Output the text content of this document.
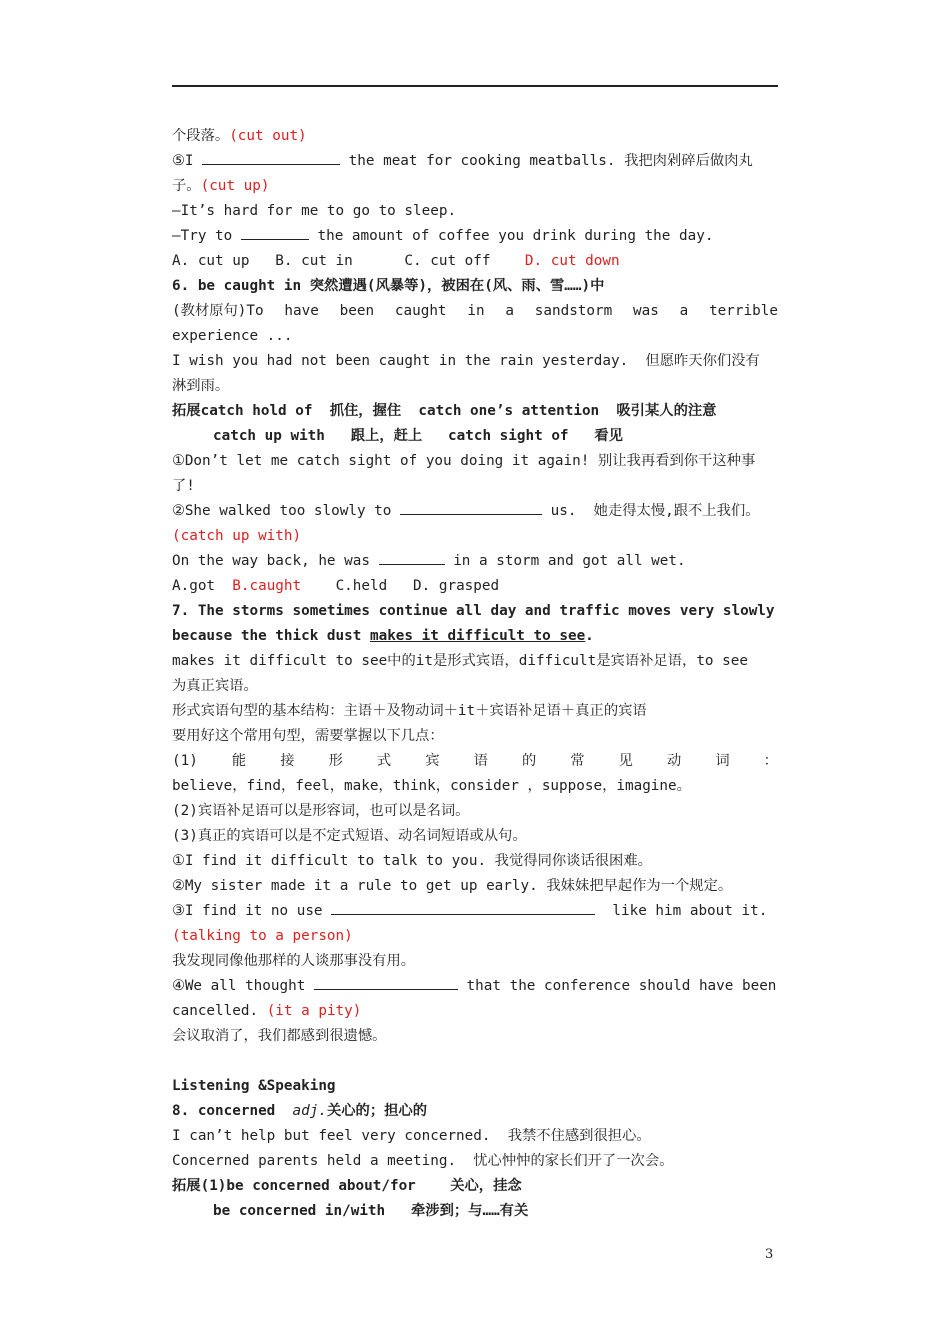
个段落。(cut out)
⑤I	the meat for cooking meatballs. 我把肉剁碎后做肉丸
子。(cut up)
—It’s hard for me to go to sleep.
—Try to	the amount of coffee you drink during the day.
A. cut up   B. cut in      C. cut off    D. cut down
6. be caught in 突然遭遇(风暴等)，被困在(风、雨、雪……)中
(教材原句)To have been caught in a sandstorm was a terrible
experience ...
I wish you had not been caught in the rain yesterday.  但愿昨天你们没有
淋到雨。
拓展catch hold of  抓住，握住  catch one’s attention  吸引某人的注意
catch up with   跟上，赶上   catch sight of   看见
①Don’t let me catch sight of you doing it again! 别让我再看到你干这种事
了!
②She walked too slowly to	us.  她走得太慢,跟不上我们。
(catch up with)
On the way back, he was	in a storm and got all wet.
A.got  B.caught    C.held   D. grasped
7. The storms sometimes continue all day and traffic moves very slowly
because the thick dust makes it difficult to see.
makes it difficult to see中的it是形式宾语，difficult是宾语补足语，to see
为真正宾语。
形式宾语句型的基本结构：主语＋及物动词＋it＋宾语补足语＋真正的宾语
要用好这个常用句型，需要掌握以下几点：
(1) 能 接 形 式 宾 语 的 常 见 动 词 ：
believe，find，feel，make，think，consider ，suppose，imagine。
(2)宾语补足语可以是形容词，也可以是名词。
(3)真正的宾语可以是不定式短语、动名词短语或从句。
①I find it difficult to talk to you. 我觉得同你谈话很困难。
②My sister made it a rule to get up early. 我妹妹把早起作为一个规定。
③I find it no use	like him about it.
(talking to a person)
我发现同像他那样的人谈那事没有用。
④We all thought	that the conference should have been
cancelled. (it a pity)
会议取消了，我们都感到很遗憾。
Listening &Speaking
8. concerned  adj.关心的；担心的
I can’t help but feel very concerned.  我禁不住感到很担心。
Concerned parents held a meeting.  忧心忡忡的家长们开了一次会。
拓展(1)be concerned about/for    关心，挂念
be concerned in/with   牵涉到；与……有关
3
